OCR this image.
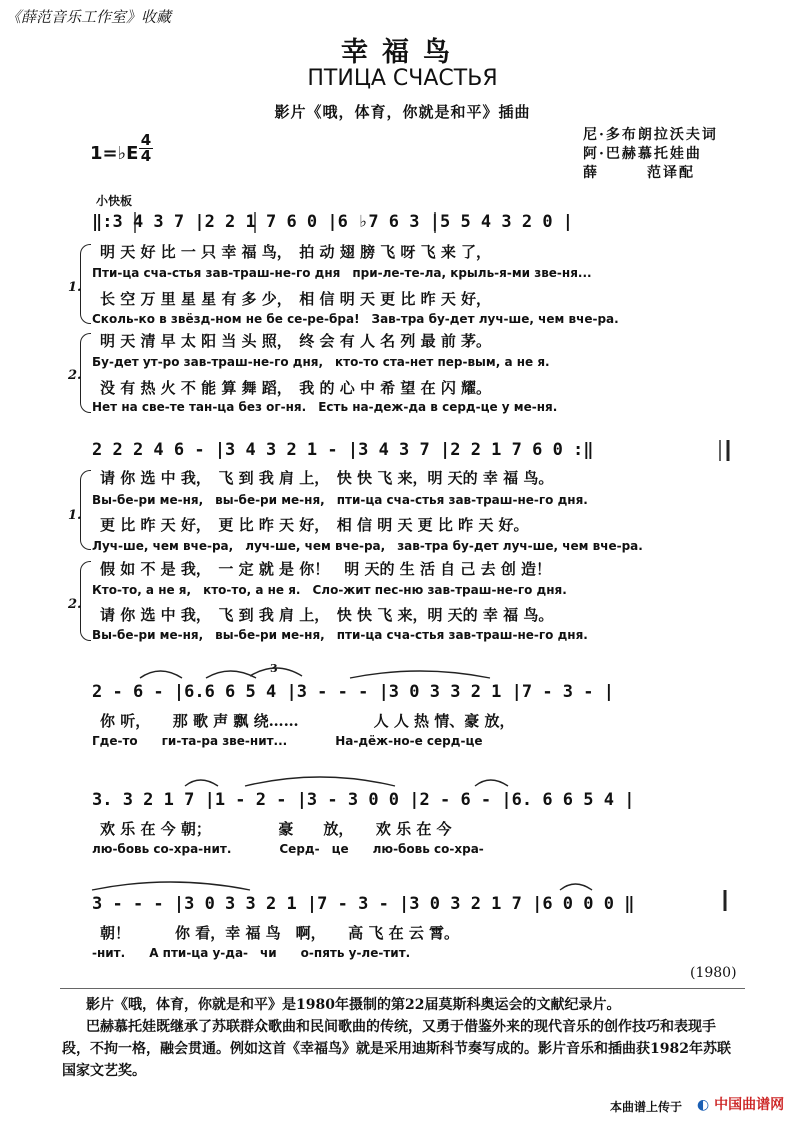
《薛范音乐工作室》收藏
幸福鸟
ПТИЦА СЧАСТЬЯ
影片《哦，体育，你就是和平》插曲
尼·多布朗拉沃夫词
阿·巴赫慕托娃曲
薛　　　范译配
1=♭E
4
4
小快板
‖:3 4 3 7 |2 2 1 7 6 0 |6 ♭7 6 3 |5 5 4 3 2 0 |
1.
明 天 好 比 一 只 幸 福 鸟，　拍 动 翅 膀 飞 呀 飞 来 了，
Пти-ца сча-стья зав-траш-не-го дня　при-ле-те-ла, крыль-я-ми зве-ня...
长 空 万 里 星 星 有 多 少，　相 信 明 天 更 比 昨 天 好，
Сколь-ко в звёзд-ном не бе се-ре-бра!　Зав-тра бу-дет луч-ше, чем вче-ра.
2.
明 天 清 早 太 阳 当 头 照，　终 会 有 人 名 列 最 前 茅。
Бу-дет ут-ро зав-траш-не-го дня,　кто-то ста-нет пер-вым, а не я.
没 有 热 火 不 能 算 舞 蹈，　我 的 心 中 希 望 在 闪 耀。
Нет на све-те тан-ца без ог-ня.　Есть на-деж-да в серд-це у ме-ня.
2 2 2 4 6 - |3 4 3 2 1 - |3 4 3 7 |2 2 1 7 6 0 :‖
1.
请 你 选 中 我，　飞 到 我 肩 上，　快 快 飞 来，明 天的 幸 福 鸟。
Вы-бе-ри ме-ня,　вы-бе-ри ме-ня,　пти-ца сча-стья зав-траш-не-го дня.
更 比 昨 天 好，　更 比 昨 天 好，　相 信 明 天 更 比 昨 天 好。
Луч-ше, чем вче-ра,　луч-ше, чем вче-ра,　зав-тра бу-дет луч-ше, чем вче-ра.
2.
假 如 不 是 我，　一 定 就 是 你！　明 天的 生 活 自 己 去 创 造！
Кто-то, а не я,　кто-то, а не я.　Сло-жит пес-ню зав-траш-не-го дня.
请 你 选 中 我，　飞 到 我 肩 上，　快 快 飞 来，明 天的 幸 福 鸟。
Вы-бе-ри ме-ня,　вы-бе-ри ме-ня,　пти-ца сча-стья зав-траш-не-го дня.
3
2 - 6 - |6.6 6 5 4 |3 - - - |3 0 3 3 2 1 |7 - 3 - |
你 听，　　那 歌 声 飘 绕……　　　　　人 人 热 情、豪 放，
Где-то　　ги-та-ра зве-нит...　　　　На-дёж-но-е серд-це
3. 3 2 1 7 |1 - 2 - |3 - 3 0 0 |2 - 6 - |6. 6 6 5 4 |
欢 乐 在 今 朝；　　　　　豪　　放，　　欢 乐 在 今
лю-бовь со-хра-нит.　　　　Серд-　це　　лю-бовь со-хра-
3 - - - |3 0 3 3 2 1 |7 - 3 - |3 0 3 2 1 7 |6 0 0 0 ‖
朝！　　　你 看，幸 福 鸟　啊，　　高 飞 在 云 霄。
-нит.　　А пти-ца у-да-　чи　　о-пять у-ле-тит.
(1980)
影片《哦，体育，你就是和平》是1980年摄制的第22届莫斯科奥运会的文献纪录片。
巴赫慕托娃既继承了苏联群众歌曲和民间歌曲的传统，又勇于借鉴外来的现代音乐的创作技巧和表现手段，不拘一格，融会贯通。例如这首《幸福鸟》就是采用迪斯科节奏写成的。影片音乐和插曲获1982年苏联国家文艺奖。
本曲谱上传于 ◐ 中国曲谱网
